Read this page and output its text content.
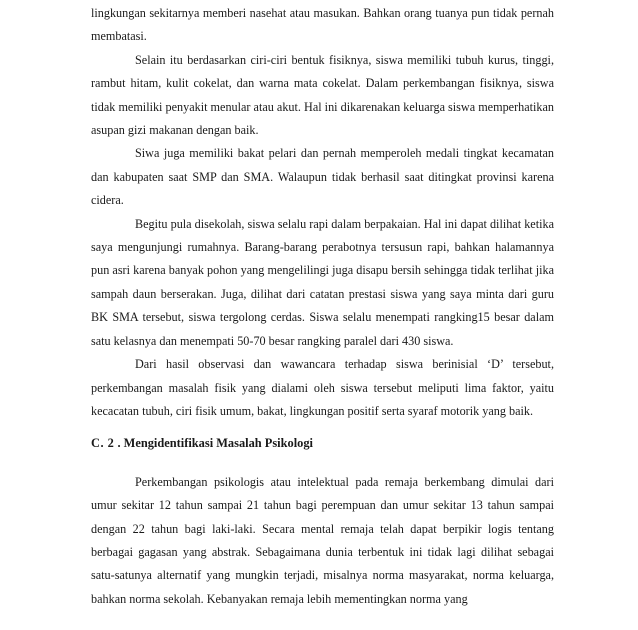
lingkungan sekitarnya memberi nasehat atau masukan. Bahkan orang tuanya pun tidak pernah membatasi.

Selain itu berdasarkan ciri-ciri bentuk fisiknya, siswa memiliki tubuh kurus, tinggi, rambut hitam, kulit cokelat, dan warna mata cokelat. Dalam perkembangan fisiknya, siswa tidak memiliki penyakit menular atau akut. Hal ini dikarenakan keluarga siswa memperhatikan asupan gizi makanan dengan baik.

Siwa juga memiliki bakat pelari dan pernah memperoleh medali tingkat kecamatan dan kabupaten saat SMP dan SMA. Walaupun tidak berhasil saat ditingkat provinsi karena cidera.

Begitu pula disekolah, siswa selalu rapi dalam berpakaian. Hal ini dapat dilihat ketika saya mengunjungi rumahnya. Barang-barang perabotnya tersusun rapi, bahkan halamannya pun asri karena banyak pohon yang mengelilingi juga disapu bersih sehingga tidak terlihat jika sampah daun berserakan. Juga, dilihat dari catatan prestasi siswa yang saya minta dari guru BK SMA tersebut, siswa tergolong cerdas. Siswa selalu menempati rangking15 besar dalam satu kelasnya dan menempati 50-70 besar rangking paralel dari 430 siswa.

Dari hasil observasi dan wawancara terhadap siswa berinisial ‘D’ tersebut, perkembangan masalah fisik yang dialami oleh siswa tersebut meliputi lima faktor, yaitu kecacatan tubuh, ciri fisik umum, bakat, lingkungan positif serta syaraf motorik yang baik.

C. 2 . Mengidentifikasi Masalah Psikologi

Perkembangan psikologis atau intelektual pada remaja berkembang dimulai dari umur sekitar 12 tahun sampai 21 tahun bagi perempuan dan umur sekitar 13 tahun sampai dengan 22 tahun bagi laki-laki. Secara mental remaja telah dapat berpikir logis tentang berbagai gagasan yang abstrak. Sebagaimana dunia terbentuk ini tidak lagi dilihat sebagai satu-satunya alternatif yang mungkin terjadi, misalnya norma masyarakat, norma keluarga, bahkan norma sekolah. Kebanyakan remaja lebih mementingkan norma yang
